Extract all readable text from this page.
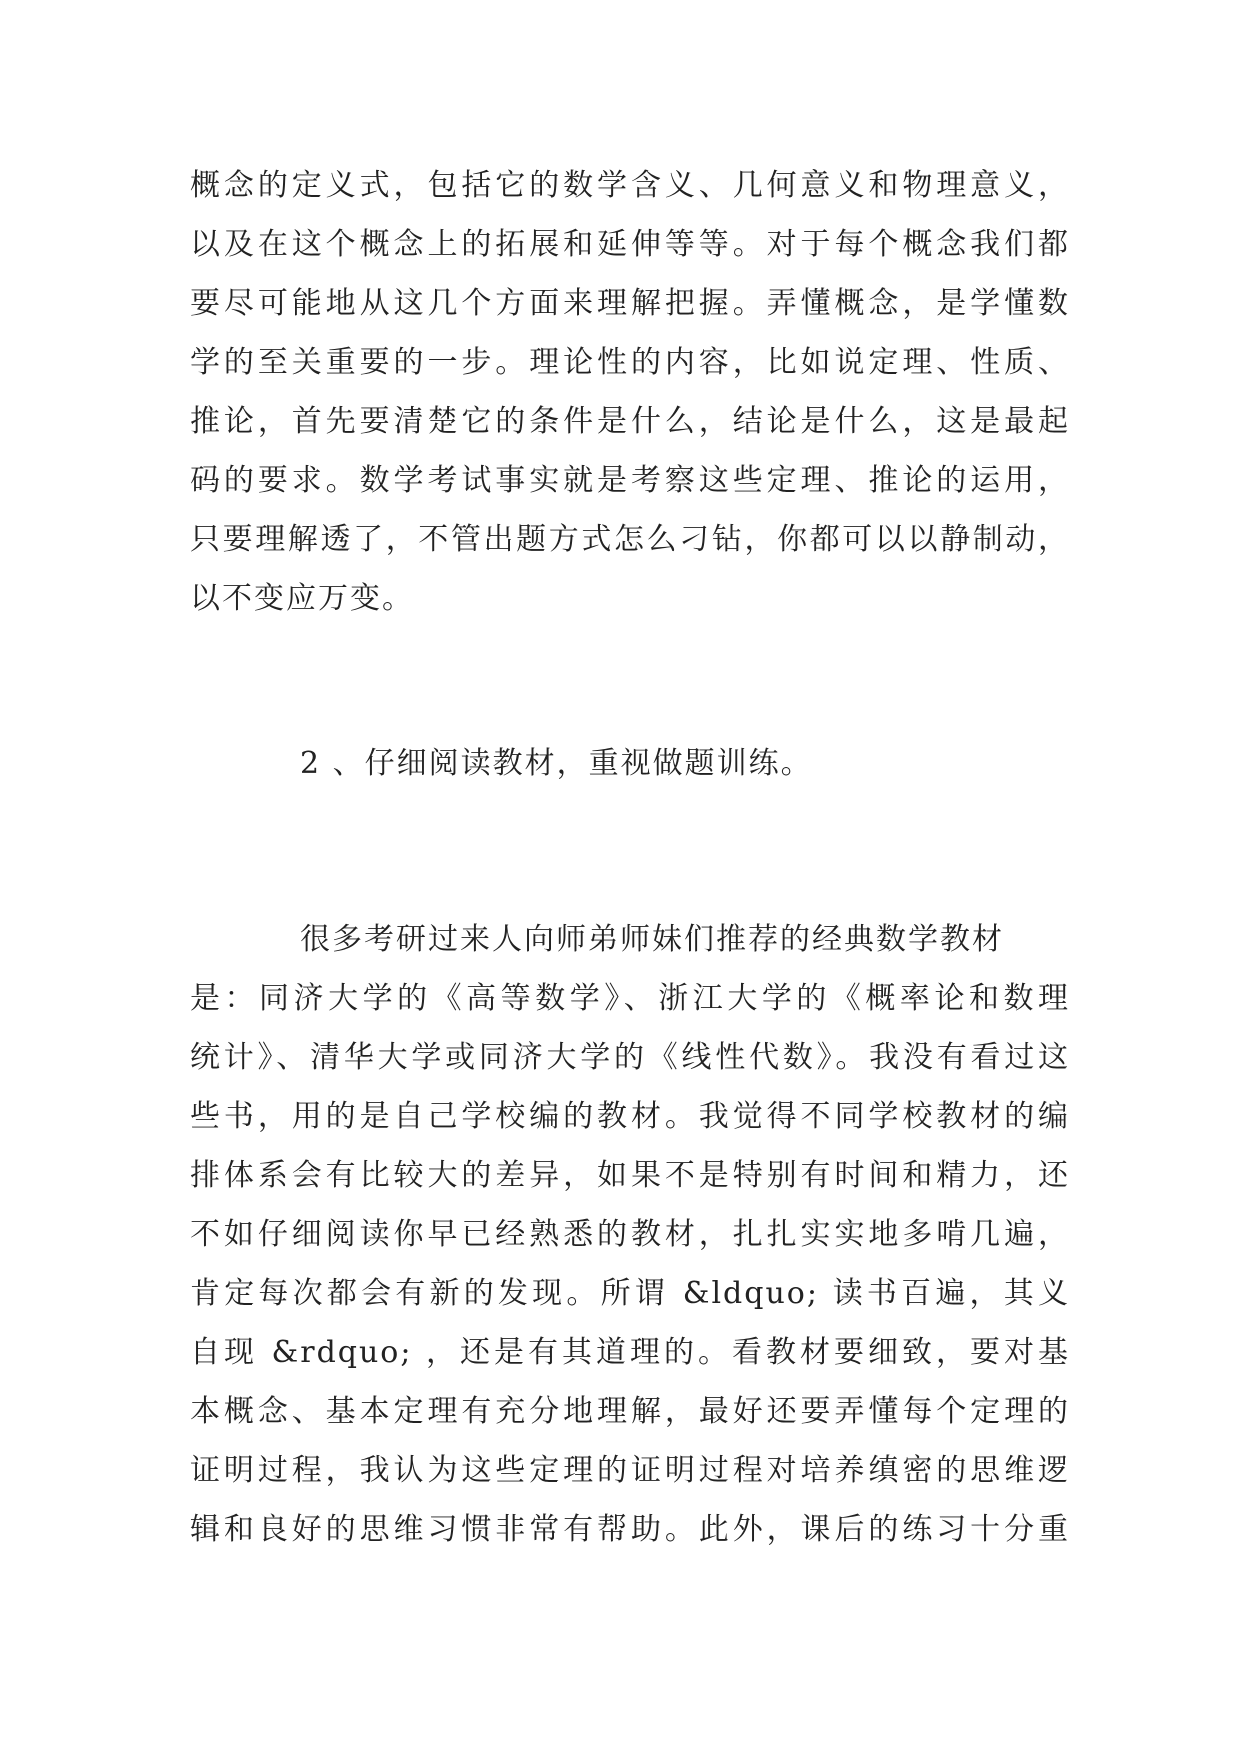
概念的定义式，包括它的数学含义、几何意义和物理意义，
以及在这个概念上的拓展和延伸等等。对于每个概念我们都
要尽可能地从这几个方面来理解把握。弄懂概念，是学懂数
学的至关重要的一步。理论性的内容，比如说定理、性质、
推论，首先要清楚它的条件是什么，结论是什么，这是最起
码的要求。数学考试事实就是考察这些定理、推论的运用，
只要理解透了，不管出题方式怎么刁钻，你都可以以静制动，
以不变应万变。
2 、仔细阅读教材，重视做题训练。
很多考研过来人向师弟师妹们推荐的经典数学教材
是：同济大学的《高等数学》、浙江大学的《概率论和数理
统计》、清华大学或同济大学的《线性代数》。我没有看过这
些书，用的是自己学校编的教材。我觉得不同学校教材的编
排体系会有比较大的差异，如果不是特别有时间和精力，还
不如仔细阅读你早已经熟悉的教材，扎扎实实地多啃几遍，
肯定每次都会有新的发现。所谓 &ldquo; 读书百遍，其义
自现 &rdquo; ，还是有其道理的。看教材要细致，要对基
本概念、基本定理有充分地理解，最好还要弄懂每个定理的
证明过程，我认为这些定理的证明过程对培养缜密的思维逻
辑和良好的思维习惯非常有帮助。此外，课后的练习十分重
